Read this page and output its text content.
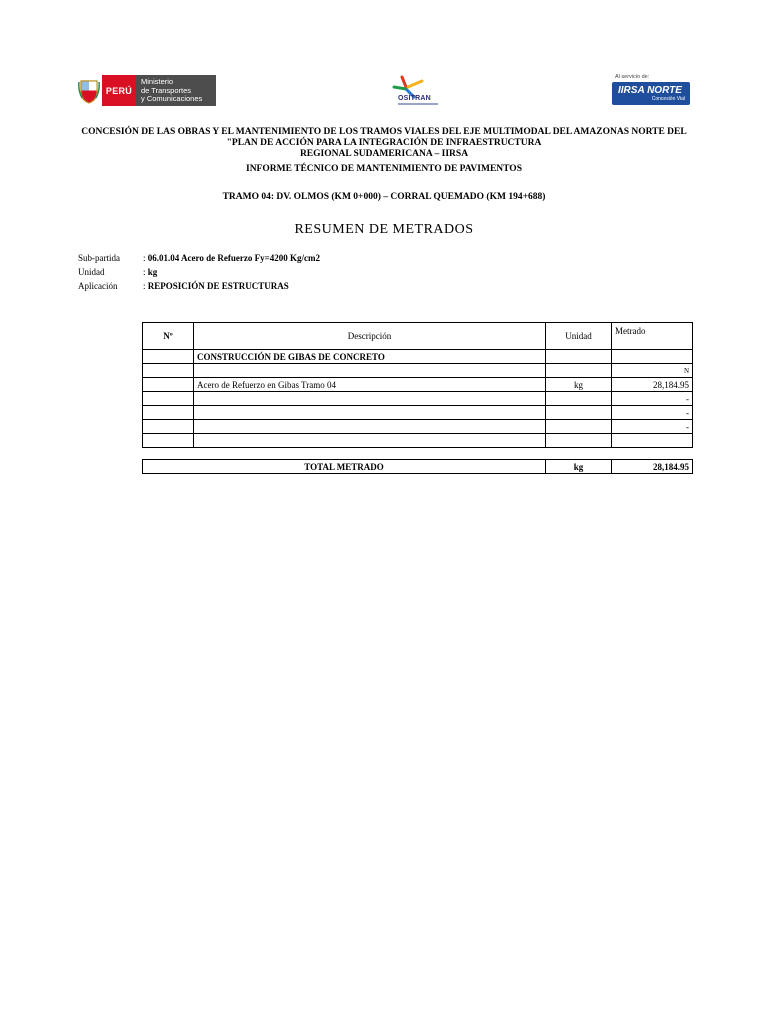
PERÚ
Ministerio
de Transportes
y Comunicaciones	OSITRAN
Al servicio de:
IIRSA NORTE
Concesión Vial
CONCESIÓN DE LAS OBRAS Y EL MANTENIMIENTO DE LOS TRAMOS VIALES DEL EJE MULTIMODAL DEL AMAZONAS NORTE DEL
"PLAN DE ACCIÓN PARA LA INTEGRACIÓN DE INFRAESTRUCTURA
REGIONAL SUDAMERICANA – IIRSA
INFORME TÉCNICO DE MANTENIMIENTO DE PAVIMENTOS
TRAMO 04: DV. OLMOS (KM 0+000) – CORRAL QUEMADO (KM 194+688)
RESUMEN DE METRADOS
Sub-partida	: 06.01.04 Acero de Refuerzo Fy=4200 Kg/cm2
Unidad	: kg
Aplicación	: REPOSICIÓN DE ESTRUCTURAS
Nº	Descripción	Unidad	Metrado
	CONSTRUCCIÓN DE GIBAS DE CONCRETO		
			N
	Acero de Refuerzo en Gibas Tramo 04	kg	28,184.95
			-
			-
			-

TOTAL METRADO	kg	28,184.95
